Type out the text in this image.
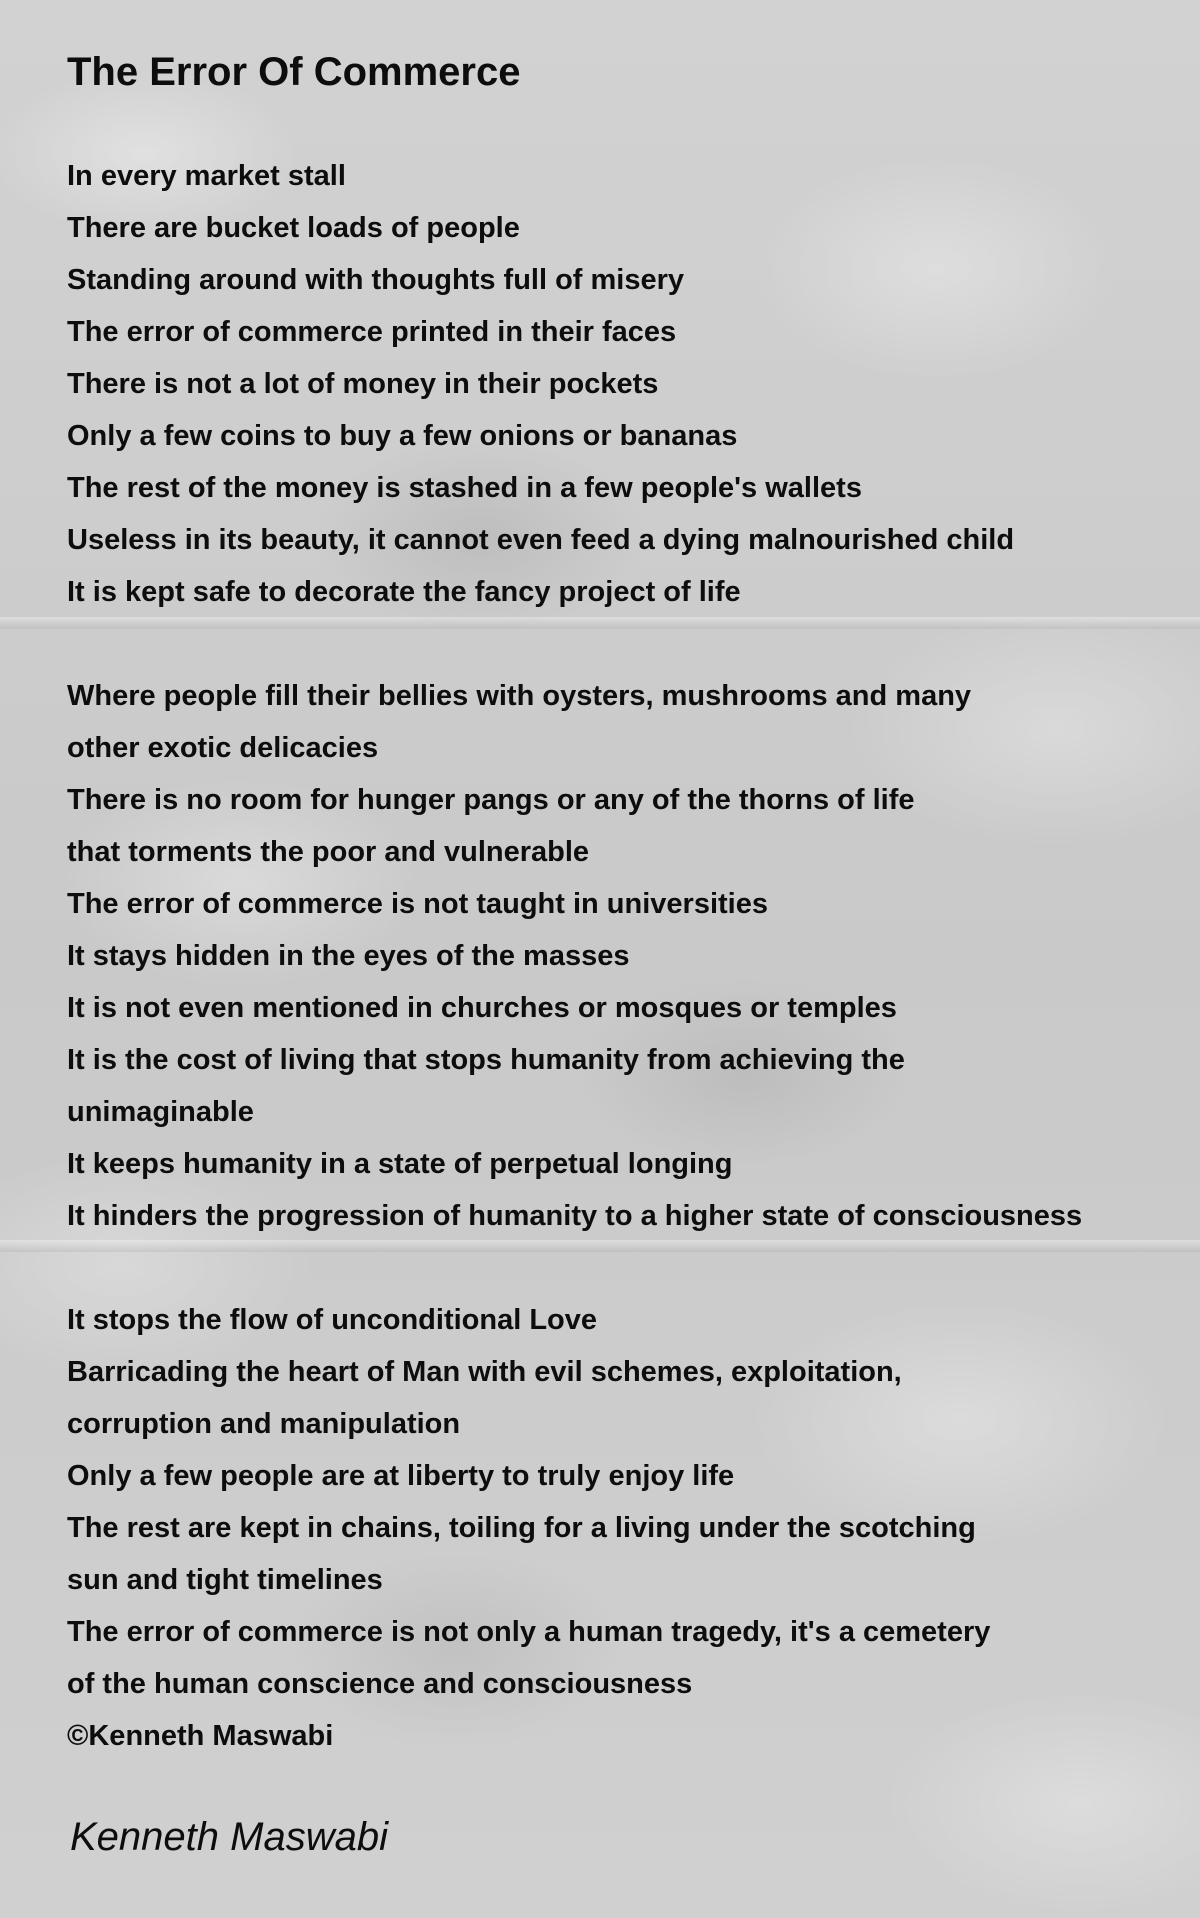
The Error Of Commerce
In every market stall
There are bucket loads of people
Standing around with thoughts full of misery
The error of commerce printed in their faces
There is not a lot of money in their pockets
Only a few coins to buy a few onions or bananas
The rest of the money is stashed in a few people's wallets
Useless in its beauty, it cannot even feed a dying malnourished child
It is kept safe to decorate the fancy project of life
Where people fill their bellies with oysters, mushrooms and many
other exotic delicacies
There is no room for hunger pangs or any of the thorns of life
that torments the poor and vulnerable
The error of commerce is not taught in universities
It stays hidden in the eyes of the masses
It is not even mentioned in churches or mosques or temples
It is the cost of living that stops humanity from achieving the
unimaginable
It keeps humanity in a state of perpetual longing
It hinders the progression of humanity to a higher state of consciousness
It stops the flow of unconditional Love
Barricading the heart of Man with evil schemes, exploitation,
corruption and manipulation
Only a few people are at liberty to truly enjoy life
The rest are kept in chains, toiling for a living under the scotching
sun and tight timelines
The error of commerce is not only a human tragedy, it's a cemetery
of the human conscience and consciousness
©Kenneth Maswabi
Kenneth Maswabi
